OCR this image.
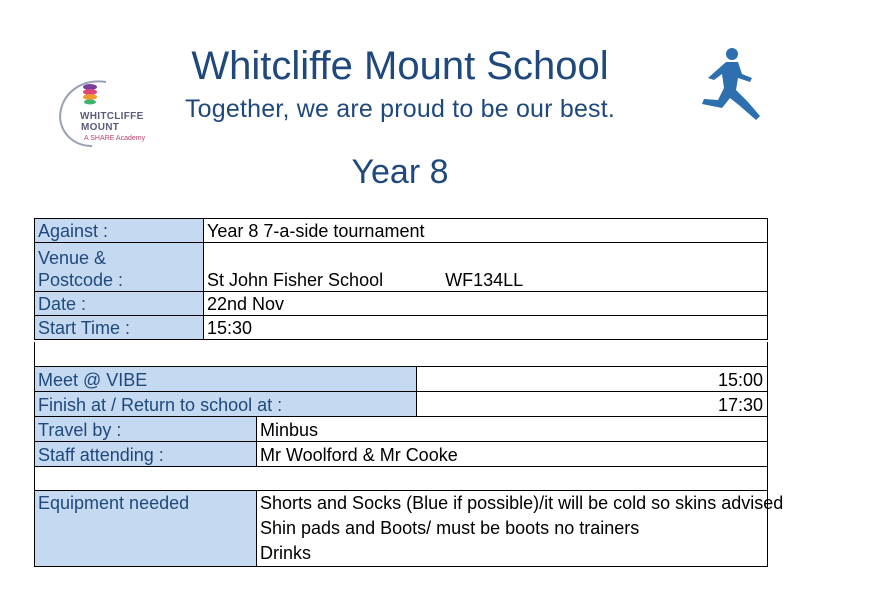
Whitcliffe Mount School
Together, we are proud to be our best.
Year 8
WHITCLIFFE
MOUNT
A SHARE Academy
Against :	Year 8 7-a-side tournament

Venue &
Postcode :	St John Fisher School WF134LL
Date :	22nd Nov
Start Time :	15:30
Meet @ VIBE	15:00
Finish at / Return to school at :	17:30
Travel by :	Minbus
Staff attending :	Mr Woolford & Mr Cooke
Equipment needed	Shorts and Socks (Blue if possible)/it will be cold so skins advised
Shin pads and Boots/ must be boots no trainers
Drinks
